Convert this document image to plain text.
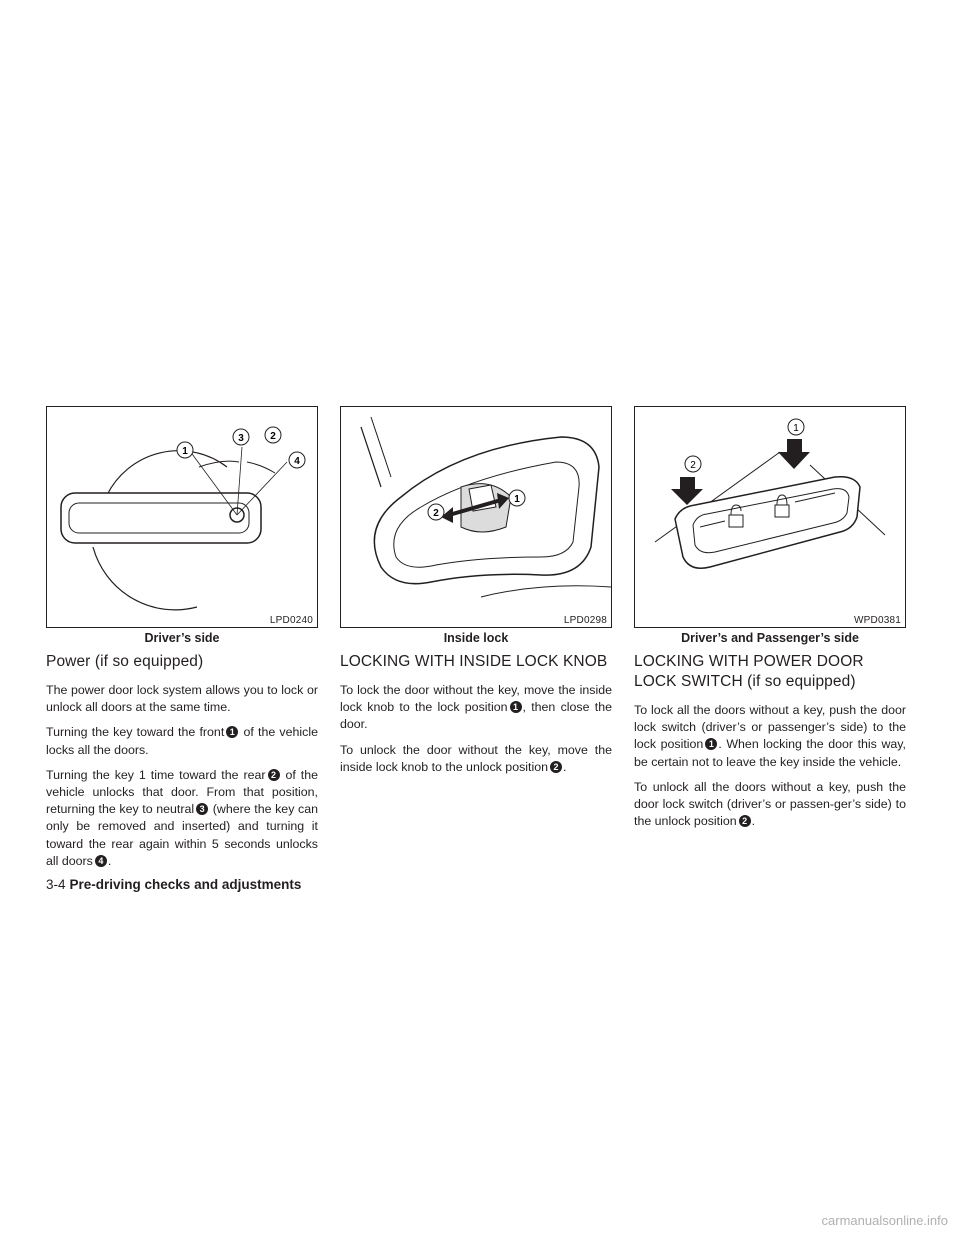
1
3	2
4
LPD0240
Driver’s side
Power (if so equipped)

The power door lock system allows you to lock or unlock all doors at the same time.

Turning the key toward the front 1 of the vehicle locks all the doors.

Turning the key 1 time toward the rear 2 of the vehicle unlocks that door. From that position, returning the key to neutral 3 (where the key can only be removed and inserted) and turning it toward the rear again within 5 seconds unlocks all doors 4 .

2
1
LPD0298
Inside lock
LOCKING WITH INSIDE LOCK KNOB

To lock the door without the key, move the inside lock knob to the lock position 1 , then close the door.

To unlock the door without the key, move the inside lock knob to the unlock position 2 .

2
1
WPD0381
Driver’s and Passenger’s side
LOCKING WITH POWER DOOR LOCK SWITCH (if so equipped)

To lock all the doors without a key, push the door lock switch (driver’s or passenger’s side) to the lock position 1 . When locking the door this way, be certain not to leave the key inside the vehicle.

To unlock all the doors without a key, push the door lock switch (driver’s or passen-ger’s side) to the unlock position 2 .

3-4 Pre-driving checks and adjustments
carmanualsonline.info
